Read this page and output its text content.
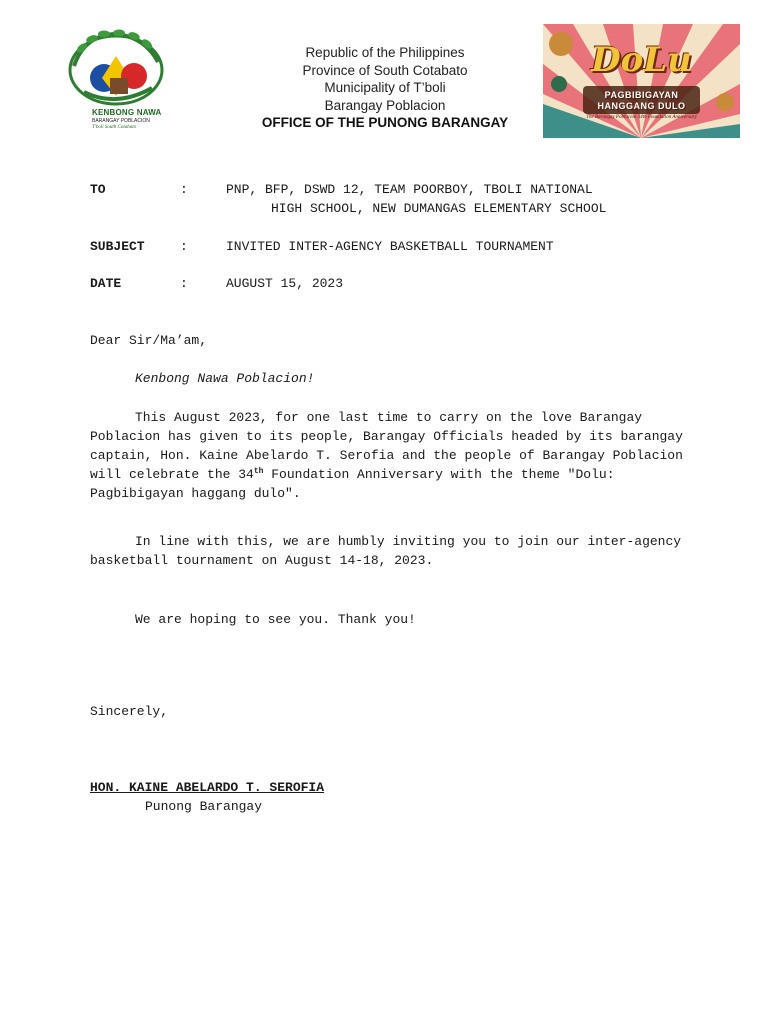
KENBONG NAWA
BARANGAY POBLACION
T'boli South Cotabato
Republic of the Philippines
Province of South Cotabato
Municipality of T’boli
Barangay Poblacion
OFFICE OF THE PUNONG BARANGAY
DoLu
PAGBIBIGAYAN
HANGGANG DULO
The Barangay Poblacion 34th Foundation Anniversary
TO	:	PNP, BFP, DSWD 12, TEAM POORBOY, TBOLI NATIONAL
HIGH SCHOOL, NEW DUMANGAS ELEMENTARY SCHOOL
SUBJECT	:	INVITED INTER-AGENCY BASKETBALL TOURNAMENT
DATE	:	AUGUST 15, 2023
Dear Sir/Ma’am,
Kenbong Nawa Poblacion!
This August 2023, for one last time to carry on the love Barangay Poblacion has given to its people, Barangay Officials headed by its barangay captain, Hon. Kaine Abelardo T. Serofia and the people of Barangay Poblacion will celebrate the 34th Foundation Anniversary with the theme "Dolu: Pagbibigayan haggang dulo".
In line with this, we are humbly inviting you to join our inter-agency basketball tournament on August 14-18, 2023.
We are hoping to see you. Thank you!
Sincerely,
HON. KAINE ABELARDO T. SEROFIA
Punong Barangay
